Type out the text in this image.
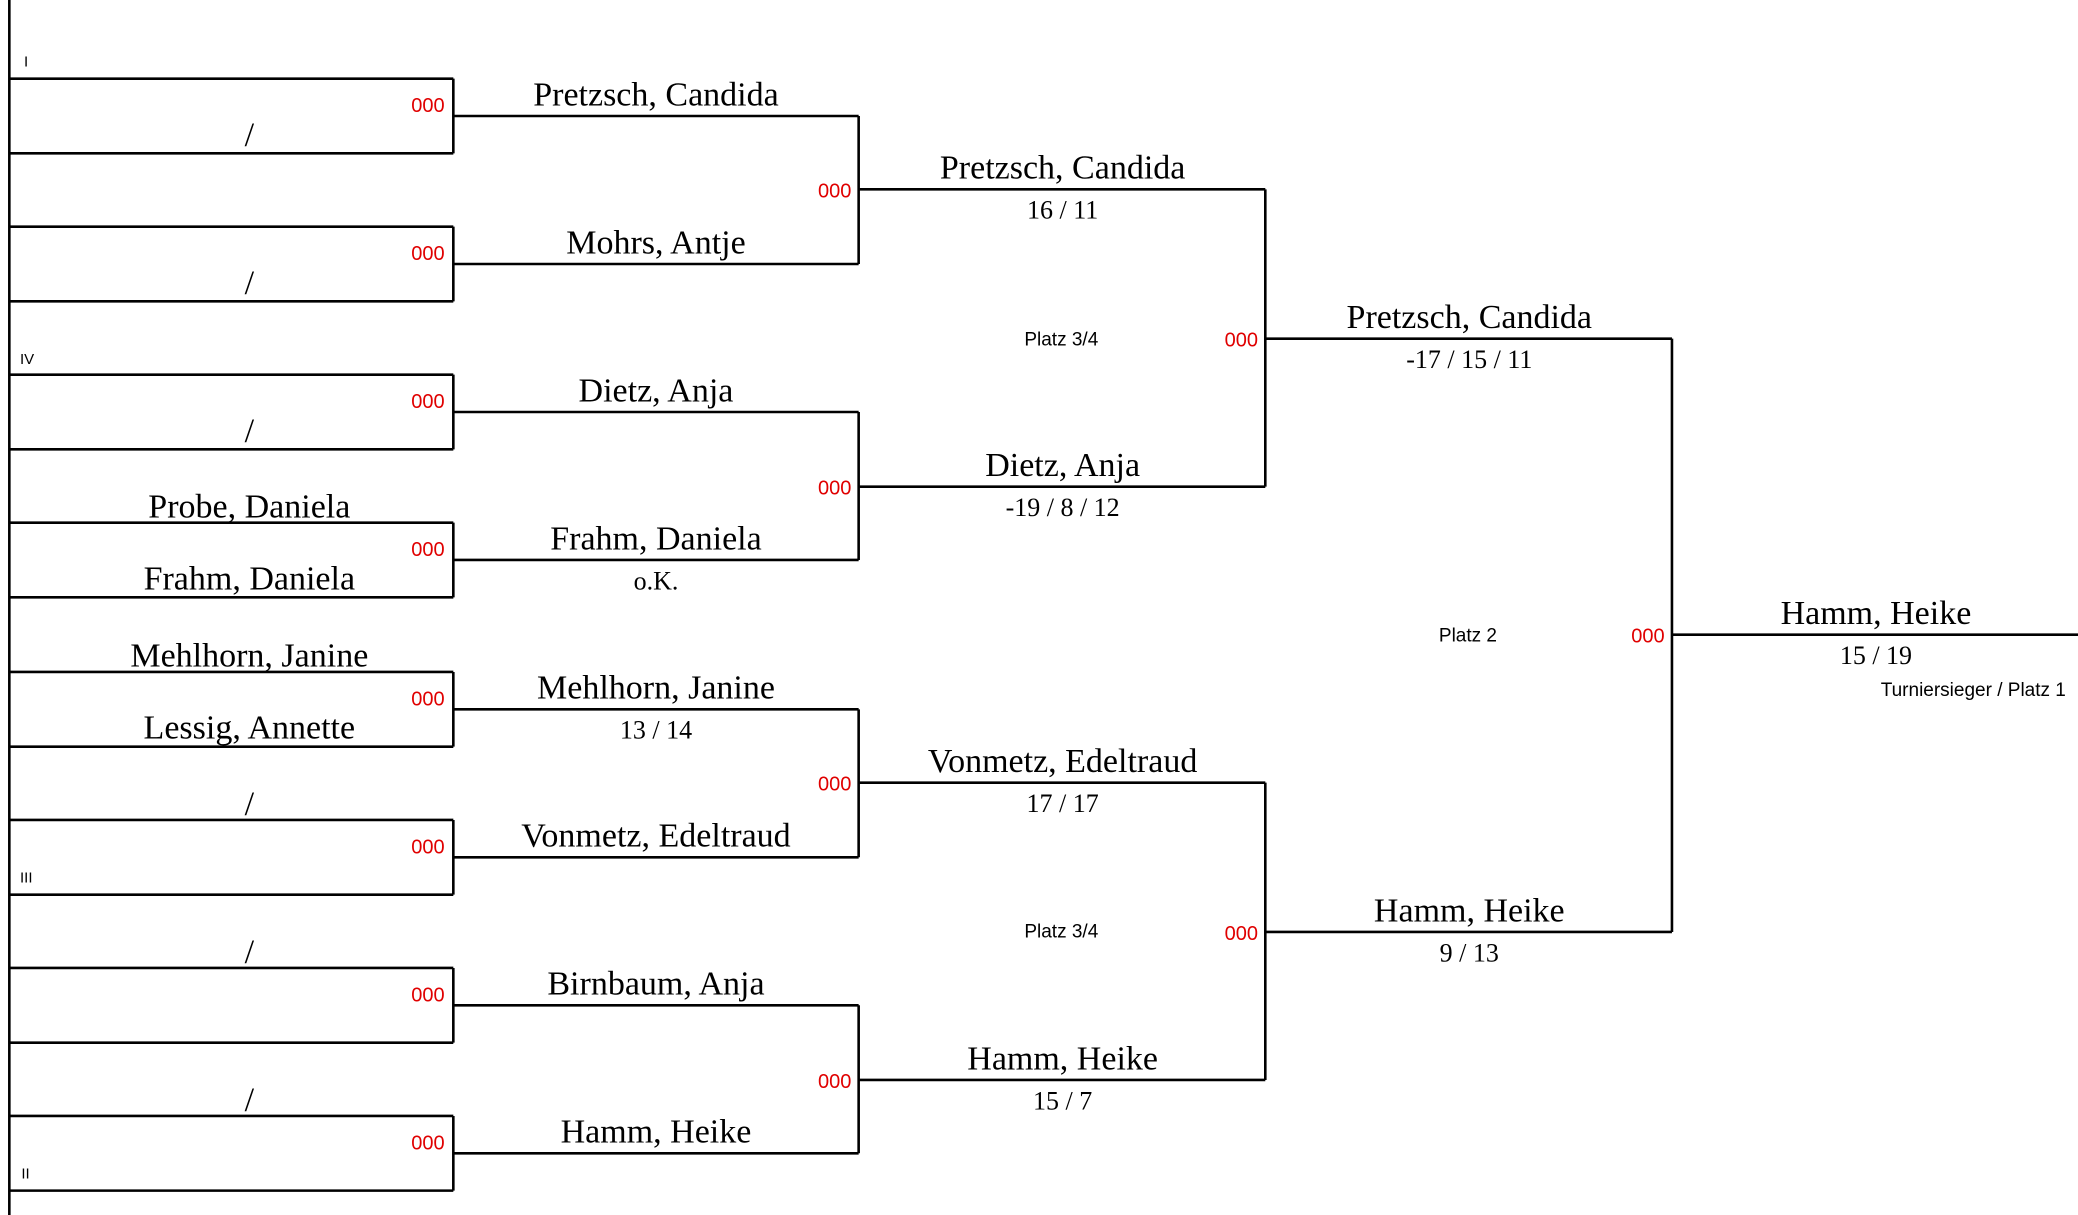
000
/
000
/
000
/
000
Probe, Daniela
Frahm, Daniela
000
Mehlhorn, Janine
Lessig, Annette
000
/
000
/
000
/
I
IV
III
II
Pretzsch, Candida
Mohrs, Antje
Dietz, Anja
Frahm, Daniela
o.K.
Mehlhorn, Janine
13 / 14
Vonmetz, Edeltraud
Birnbaum, Anja
Hamm, Heike
000
Pretzsch, Candida
16 / 11
000
Dietz, Anja
-19 / 8 / 12
000
Vonmetz, Edeltraud
17 / 17
000
Hamm, Heike
15 / 7
000
Pretzsch, Candida
-17 / 15 / 11
000
Hamm, Heike
9 / 13
000
Hamm, Heike
15 / 19
Turniersieger / Platz 1
Platz 3/4
Platz 3/4
Platz 2
